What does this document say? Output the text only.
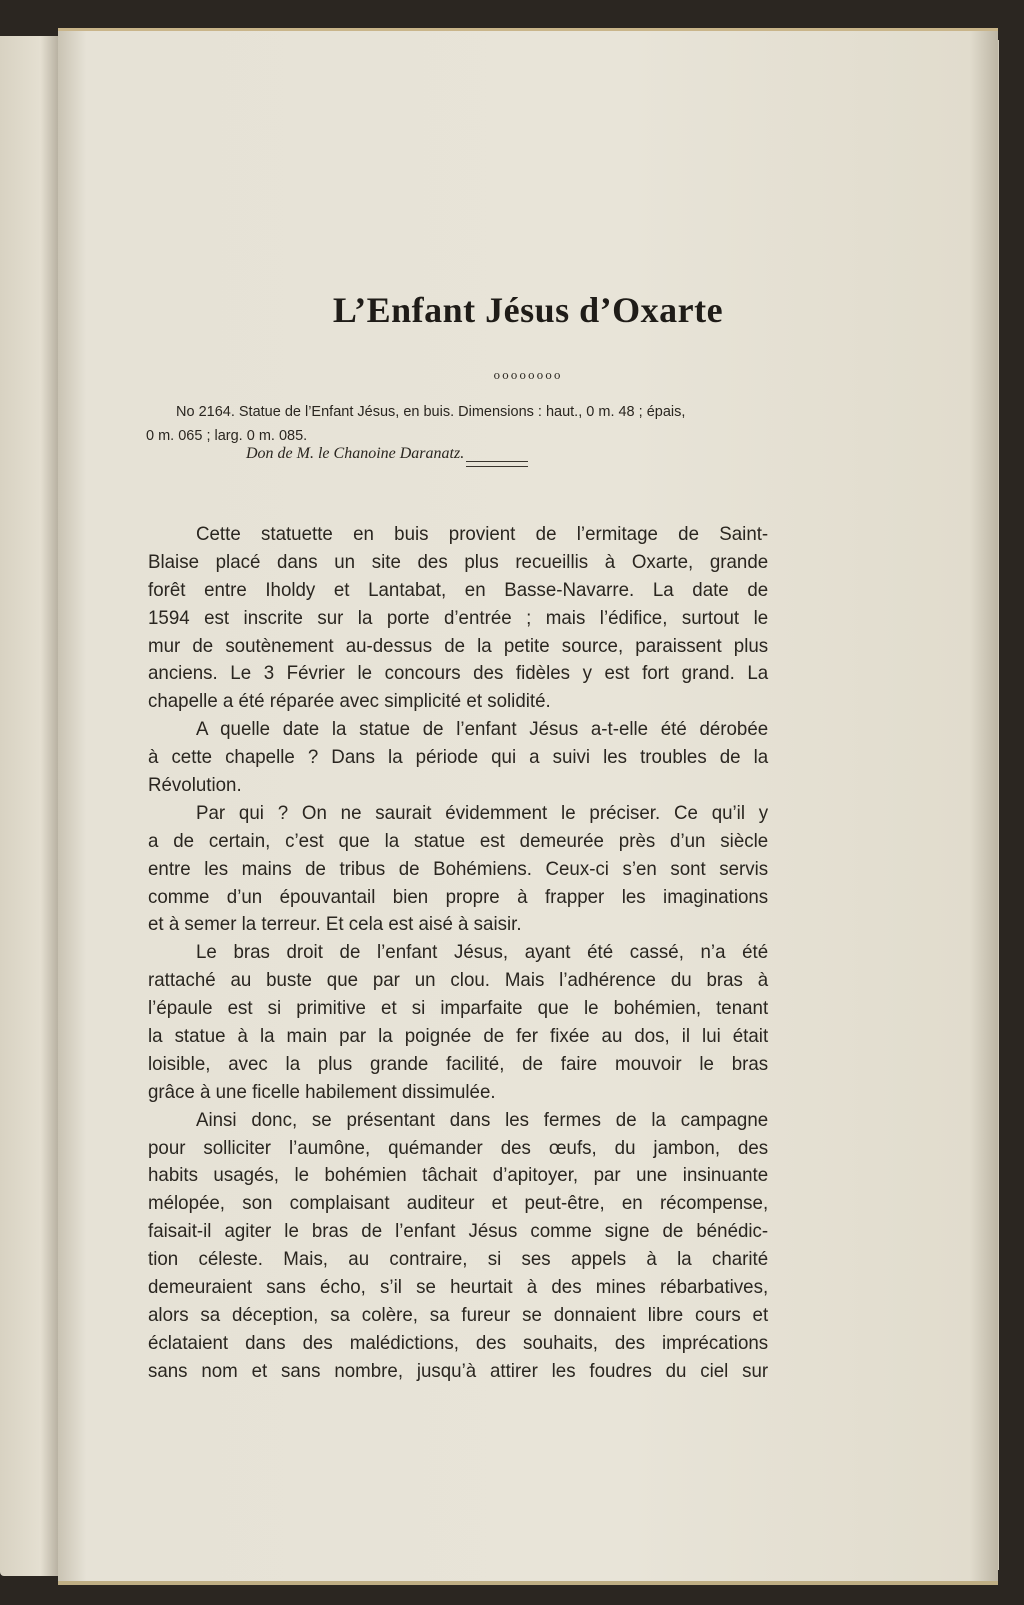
L’Enfant Jésus d’Oxarte
oooooooo
No 2164. Statue de l’Enfant Jésus, en buis. Dimensions : haut., 0 m. 48 ; épais,
0 m. 065 ; larg. 0 m. 085.
Don de M. le Chanoine Daranatz.
Cette statuette en buis provient de l’ermitage de Saint-
Blaise placé dans un site des plus recueillis à Oxarte, grande
forêt entre Iholdy et Lantabat, en Basse-Navarre. La date de
1594 est inscrite sur la porte d’entrée ; mais l’édifice, surtout le
mur de soutènement au-dessus de la petite source, paraissent plus
anciens. Le 3 Février le concours des fidèles y est fort grand. La
chapelle a été réparée avec simplicité et solidité.
A quelle date la statue de l’enfant Jésus a-t-elle été dérobée
à cette chapelle ? Dans la période qui a suivi les troubles de la
Révolution.
Par qui ? On ne saurait évidemment le préciser. Ce qu’il y
a de certain, c’est que la statue est demeurée près d’un siècle
entre les mains de tribus de Bohémiens. Ceux-ci s’en sont servis
comme d’un épouvantail bien propre à frapper les imaginations
et à semer la terreur. Et cela est aisé à saisir.
Le bras droit de l’enfant Jésus, ayant été cassé, n’a été
rattaché au buste que par un clou. Mais l’adhérence du bras à
l’épaule est si primitive et si imparfaite que le bohémien, tenant
la statue à la main par la poignée de fer fixée au dos, il lui était
loisible, avec la plus grande facilité, de faire mouvoir le bras
grâce à une ficelle habilement dissimulée.
Ainsi donc, se présentant dans les fermes de la campagne
pour solliciter l’aumône, quémander des œufs, du jambon, des
habits usagés, le bohémien tâchait d’apitoyer, par une insinuante
mélopée, son complaisant auditeur et peut-être, en récompense,
faisait-il agiter le bras de l’enfant Jésus comme signe de bénédic-
tion céleste. Mais, au contraire, si ses appels à la charité
demeuraient sans écho, s’il se heurtait à des mines rébarbatives,
alors sa déception, sa colère, sa fureur se donnaient libre cours et
éclataient dans des malédictions, des souhaits, des imprécations
sans nom et sans nombre, jusqu’à attirer les foudres du ciel sur
